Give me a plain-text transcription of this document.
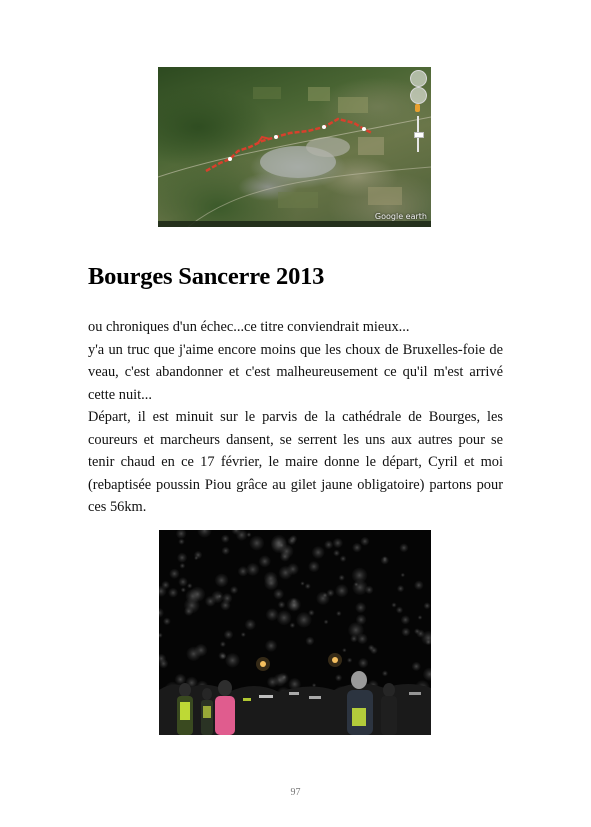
Google earth
Bourges Sancerre 2013

ou chroniques d'un échec...ce titre conviendrait mieux...

y'a un truc que j'aime encore moins que les choux de Bruxelles-foie de veau, c'est abandonner et c'est malheureusement ce qu'il m'est arrivé cette nuit...

Départ, il est minuit sur le parvis de la cathédrale de Bourges, les coureurs et marcheurs dansent, se serrent les uns aux autres pour se tenir chaud en ce 17 février, le maire donne le départ, Cyril et moi (rebaptisée poussin Piou grâce au gilet jaune obligatoire) partons pour ces 56km.

97
